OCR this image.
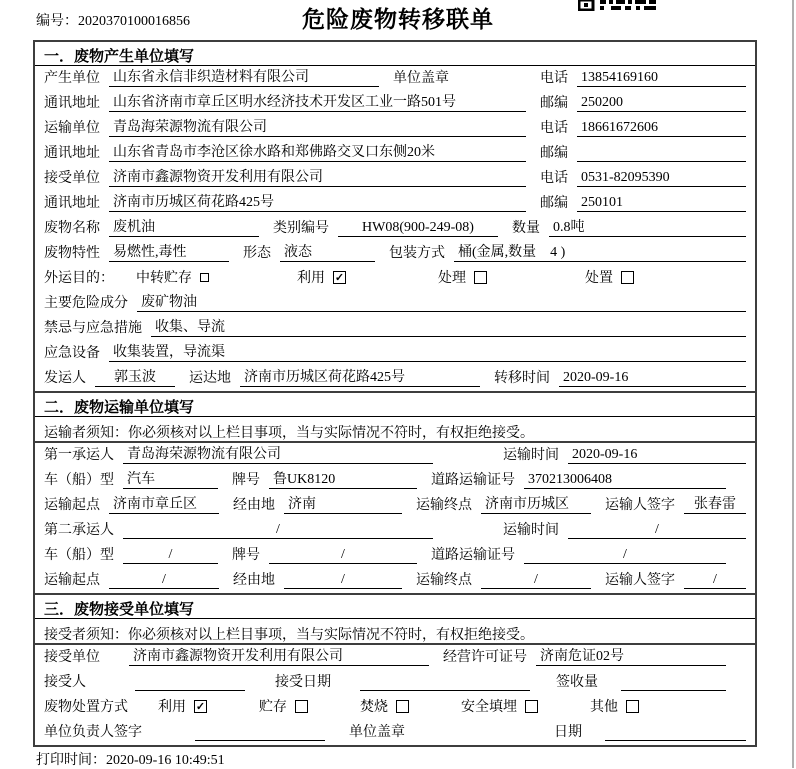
编号：2020370100016856	危险废物转移联单
一．废物产生单位填写
产生单位 山东省永信非织造材料有限公司	单位盖章	电话 13854169160
通讯地址 山东省济南市章丘区明水经济技术开发区工业一路501号	邮编 250200
运输单位 青岛海荣源物流有限公司	电话 18661672606
通讯地址 山东省青岛市李沧区徐水路和郑佛路交叉口东侧20米	邮编
接受单位 济南市鑫源物资开发利用有限公司	电话 0531-82095390
通讯地址 济南市历城区荷花路425号	邮编 250101
废物名称 废机油	类别编号	HW08(900-249-08)	数量 0.8吨
废物特性 易燃性,毒性	形态 液态	包装方式 桶(金属,数量　4 )
外运目的： 中转贮存	利用 ✓	处理	处置
主要危险成分 废矿物油
禁忌与应急措施 收集、导流
应急设备 收集装置，导流渠
发运人	郭玉波	运达地 济南市历城区荷花路425号	转移时间 2020-09-16
二．废物运输单位填写
运输者须知：你必须核对以上栏目事项，当与实际情况不符时，有权拒绝接受。
第一承运人 青岛海荣源物流有限公司	运输时间 2020-09-16
车（船）型 汽车	牌号 鲁UK8120	道路运输证号 370213006408
运输起点 济南市章丘区	经由地 济南	运输终点 济南市历城区	运输人签字	张春雷
第二承运人	/	运输时间	/
车（船）型	/	牌号	/	道路运输证号	/
运输起点	/	经由地	/	运输终点	/	运输人签字	/
三．废物接受单位填写
接受者须知：你必须核对以上栏目事项，当与实际情况不符时，有权拒绝接受。
接受单位 济南市鑫源物资开发利用有限公司	经营许可证号 济南危证02号
接受人	接受日期	签收量
废物处置方式 利用 ✓	贮存	焚烧	安全填埋	其他
单位负责人签字	单位盖章	日期
打印时间：2020-09-16 10:49:51
